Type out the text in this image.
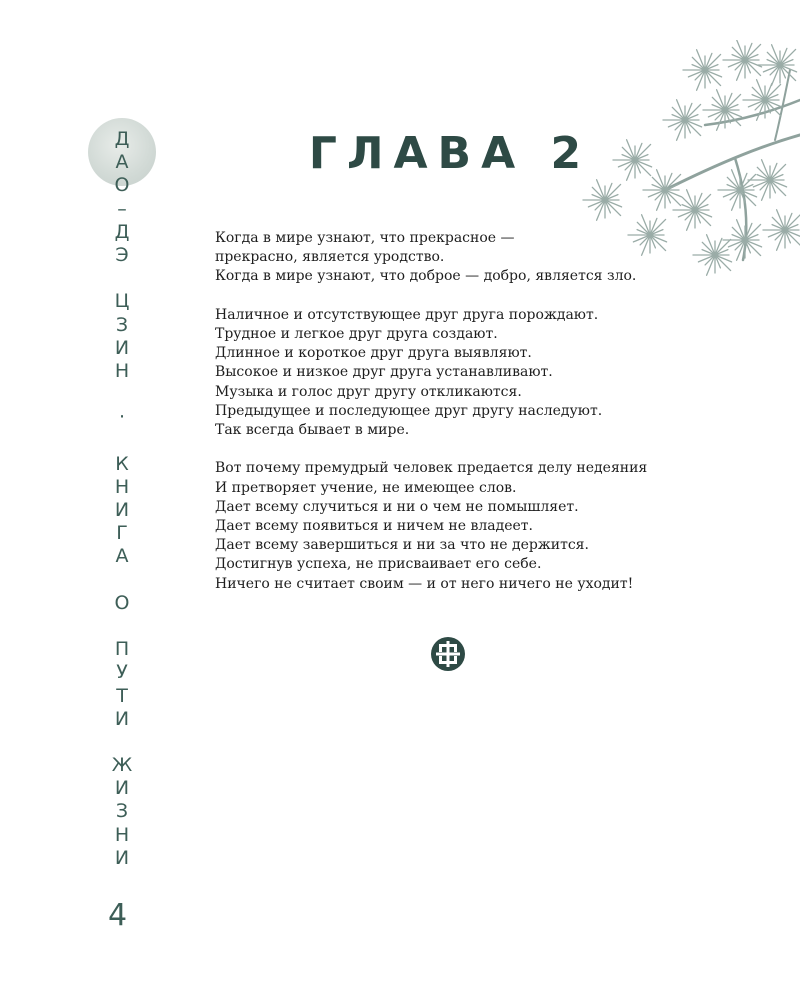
Д
А
О
–
Д
Э
Ц
З
И
Н
·
К
Н
И
Г
А
О
П
У
Т
И
Ж
И
З
Н
И
ГЛАВА 2

Когда в мире узнают, что прекрасное —

прекрасно, является уродство.

Когда в мире узнают, что доброе — добро, является зло.

Наличное и отсутствующее друг друга порождают.

Трудное и легкое друг друга создают.

Длинное и короткое друг друга выявляют.

Высокое и низкое друг друга устанавливают.

Музыка и голос друг другу откликаются.

Предыдущее и последующее друг другу наследуют.

Так всегда бывает в мире.

Вот почему премудрый человек предается делу недеяния

И претворяет учение, не имеющее слов.

Дает всему случиться и ни о чем не помышляет.

Дает всему появиться и ничем не владеет.

Дает всему завершиться и ни за что не держится.

Достигнув успеха, не присваивает его себе.

Ничего не считает своим — и от него ничего не уходит!

4
